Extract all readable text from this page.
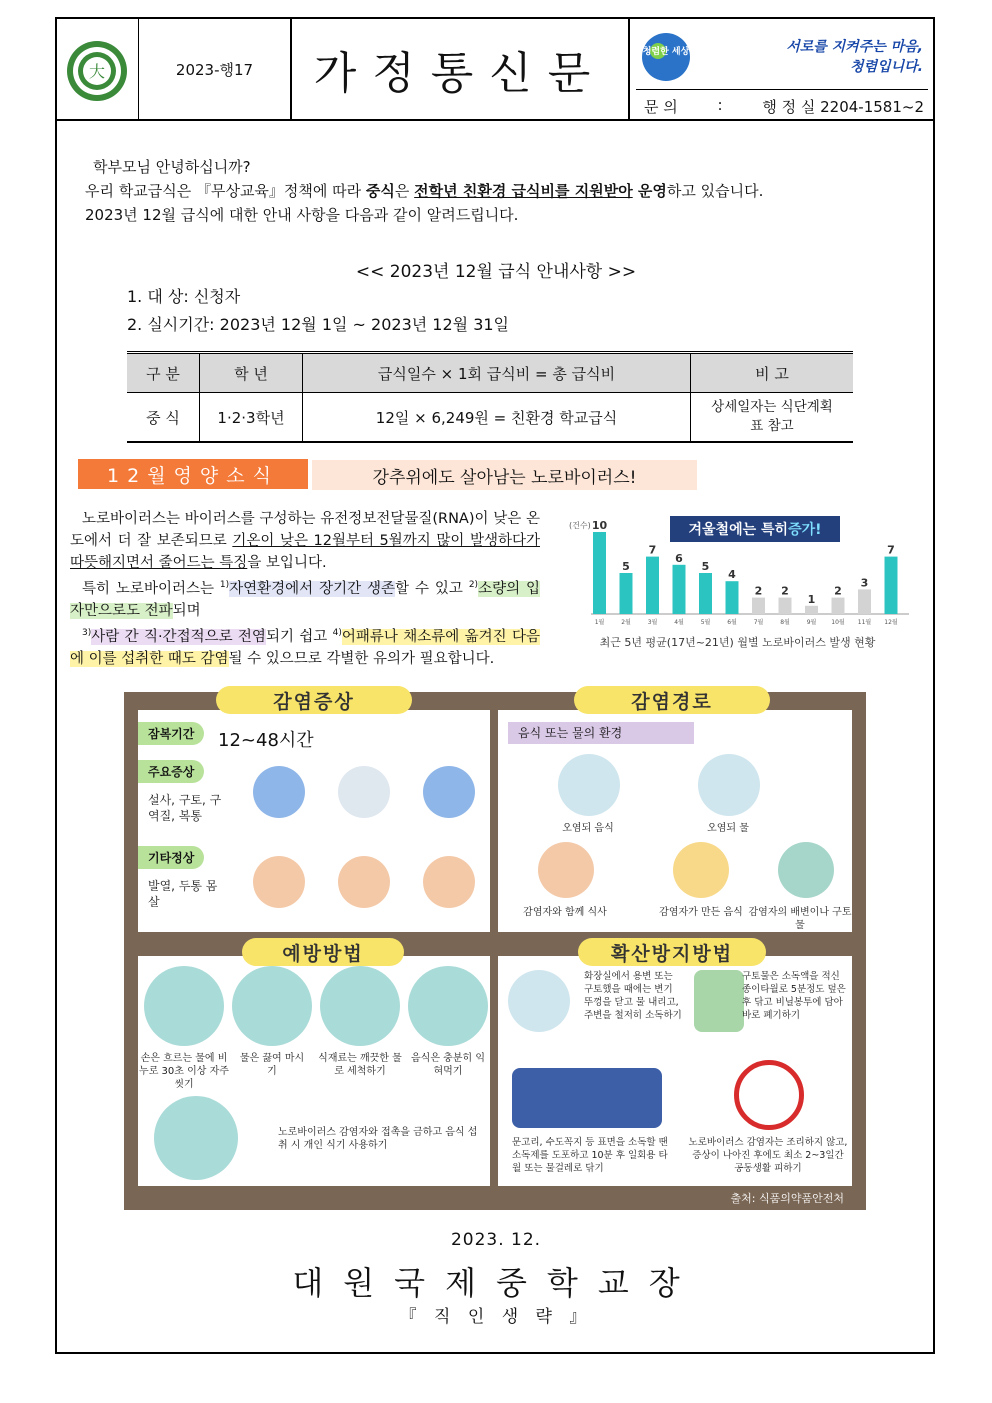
大	2023-행17	가정통신문	청렴한 세상	서로를 지켜주는 마음,
청렴입니다.
문 의	:	행 정 실 2204-1581~2

학부모님 안녕하십니까?

우리 학교급식은 『무상교육』정책에 따라 중식은 전학년 친환경 급식비를 지원받아 운영하고 있습니다.

2023년 12월 급식에 대한 안내 사항을 다음과 같이 알려드립니다.

<< 2023년 12월 급식 안내사항 >>
1. 대 상: 신청자
2. 실시기간: 2023년 12월 1일 ~ 2023년 12월 31일
구 분	학 년	급식일수 × 1회 급식비 = 총 급식비	비 고
중 식	1·2·3학년	12일 × 6,249원 = 친환경 학교급식	상세일자는 식단계획표 참고
12월영양소식	강추위에도 살아남는 노로바이러스!

노로바이러스는 바이러스를 구성하는 유전정보전달물질(RNA)이 낮은 온도에서 더 잘 보존되므로 기온이 낮은 12월부터 5월까지 많이 발생하다가 따뜻해지면서 줄어드는 특징을 보입니다.

특히 노로바이러스는 $^{1)}$자연환경에서 장기간 생존할 수 있고 $^{2)}$소량의 입자만으로도 전파되며

$^{3)}$사람 간 직·간접적으로 전염되기 쉽고 $^{4)}$어패류나 채소류에 옮겨진 다음에 이를 섭취한 때도 감염될 수 있으므로 각별한 유의가 필요합니다.

겨울철 에는 특히 증가!
(건수) 10
1월
5
2월
7
3월
6
4월
5
5월
4
6월
2
7월
2
8월
1
9월
2
10월
3
11월
7
12월
최근 5년 평균(17년~21년) 월별 노로바이러스 발생 현황
잠복기간	12~48시간
주요증상
설사, 구토, 구역질, 복통
기타정상
발열, 두통 몸살
감염증상
음식 또는 물의 환경
오염되 음식	오염되 물
감염자와 함께 식사	감염자가 만든 음식 감염자의 배변이나 구토물
감염경로
손은 흐르는 물에 비누로 30초 이상 자주 씻기
물은 끓여 마시기
식재료는 깨끗한 물로 세척하기
음식은 충분히 익혀먹기
노로바이러스 감염자와 접촉을 금하고 음식 섭취 시 개인 식기 사용하기
예방방법
화장실에서 용변 또는 구토했을 때에는 변기 뚜껑을 닫고 물 내리고, 주변을 철저히 소독하기
구토물은 소독액을 적신 종이타월로 5분정도 덮은 후 닦고 비닐봉투에 담아 바로 폐기하기
문고리, 수도꼭지 등 표면을 소독할 땐 소독제를 도포하고 10분 후 일회용 타월 또는 물걸레로 닦기
노로바이러스 감염자는 조리하지 않고, 증상이 나아진 후에도 최소 2~3일간 공동생활 피하기
확산방지방법
출처: 식품의약품안전처
2023. 12.
대원국제중학교장
『 직 인 생 략 』
